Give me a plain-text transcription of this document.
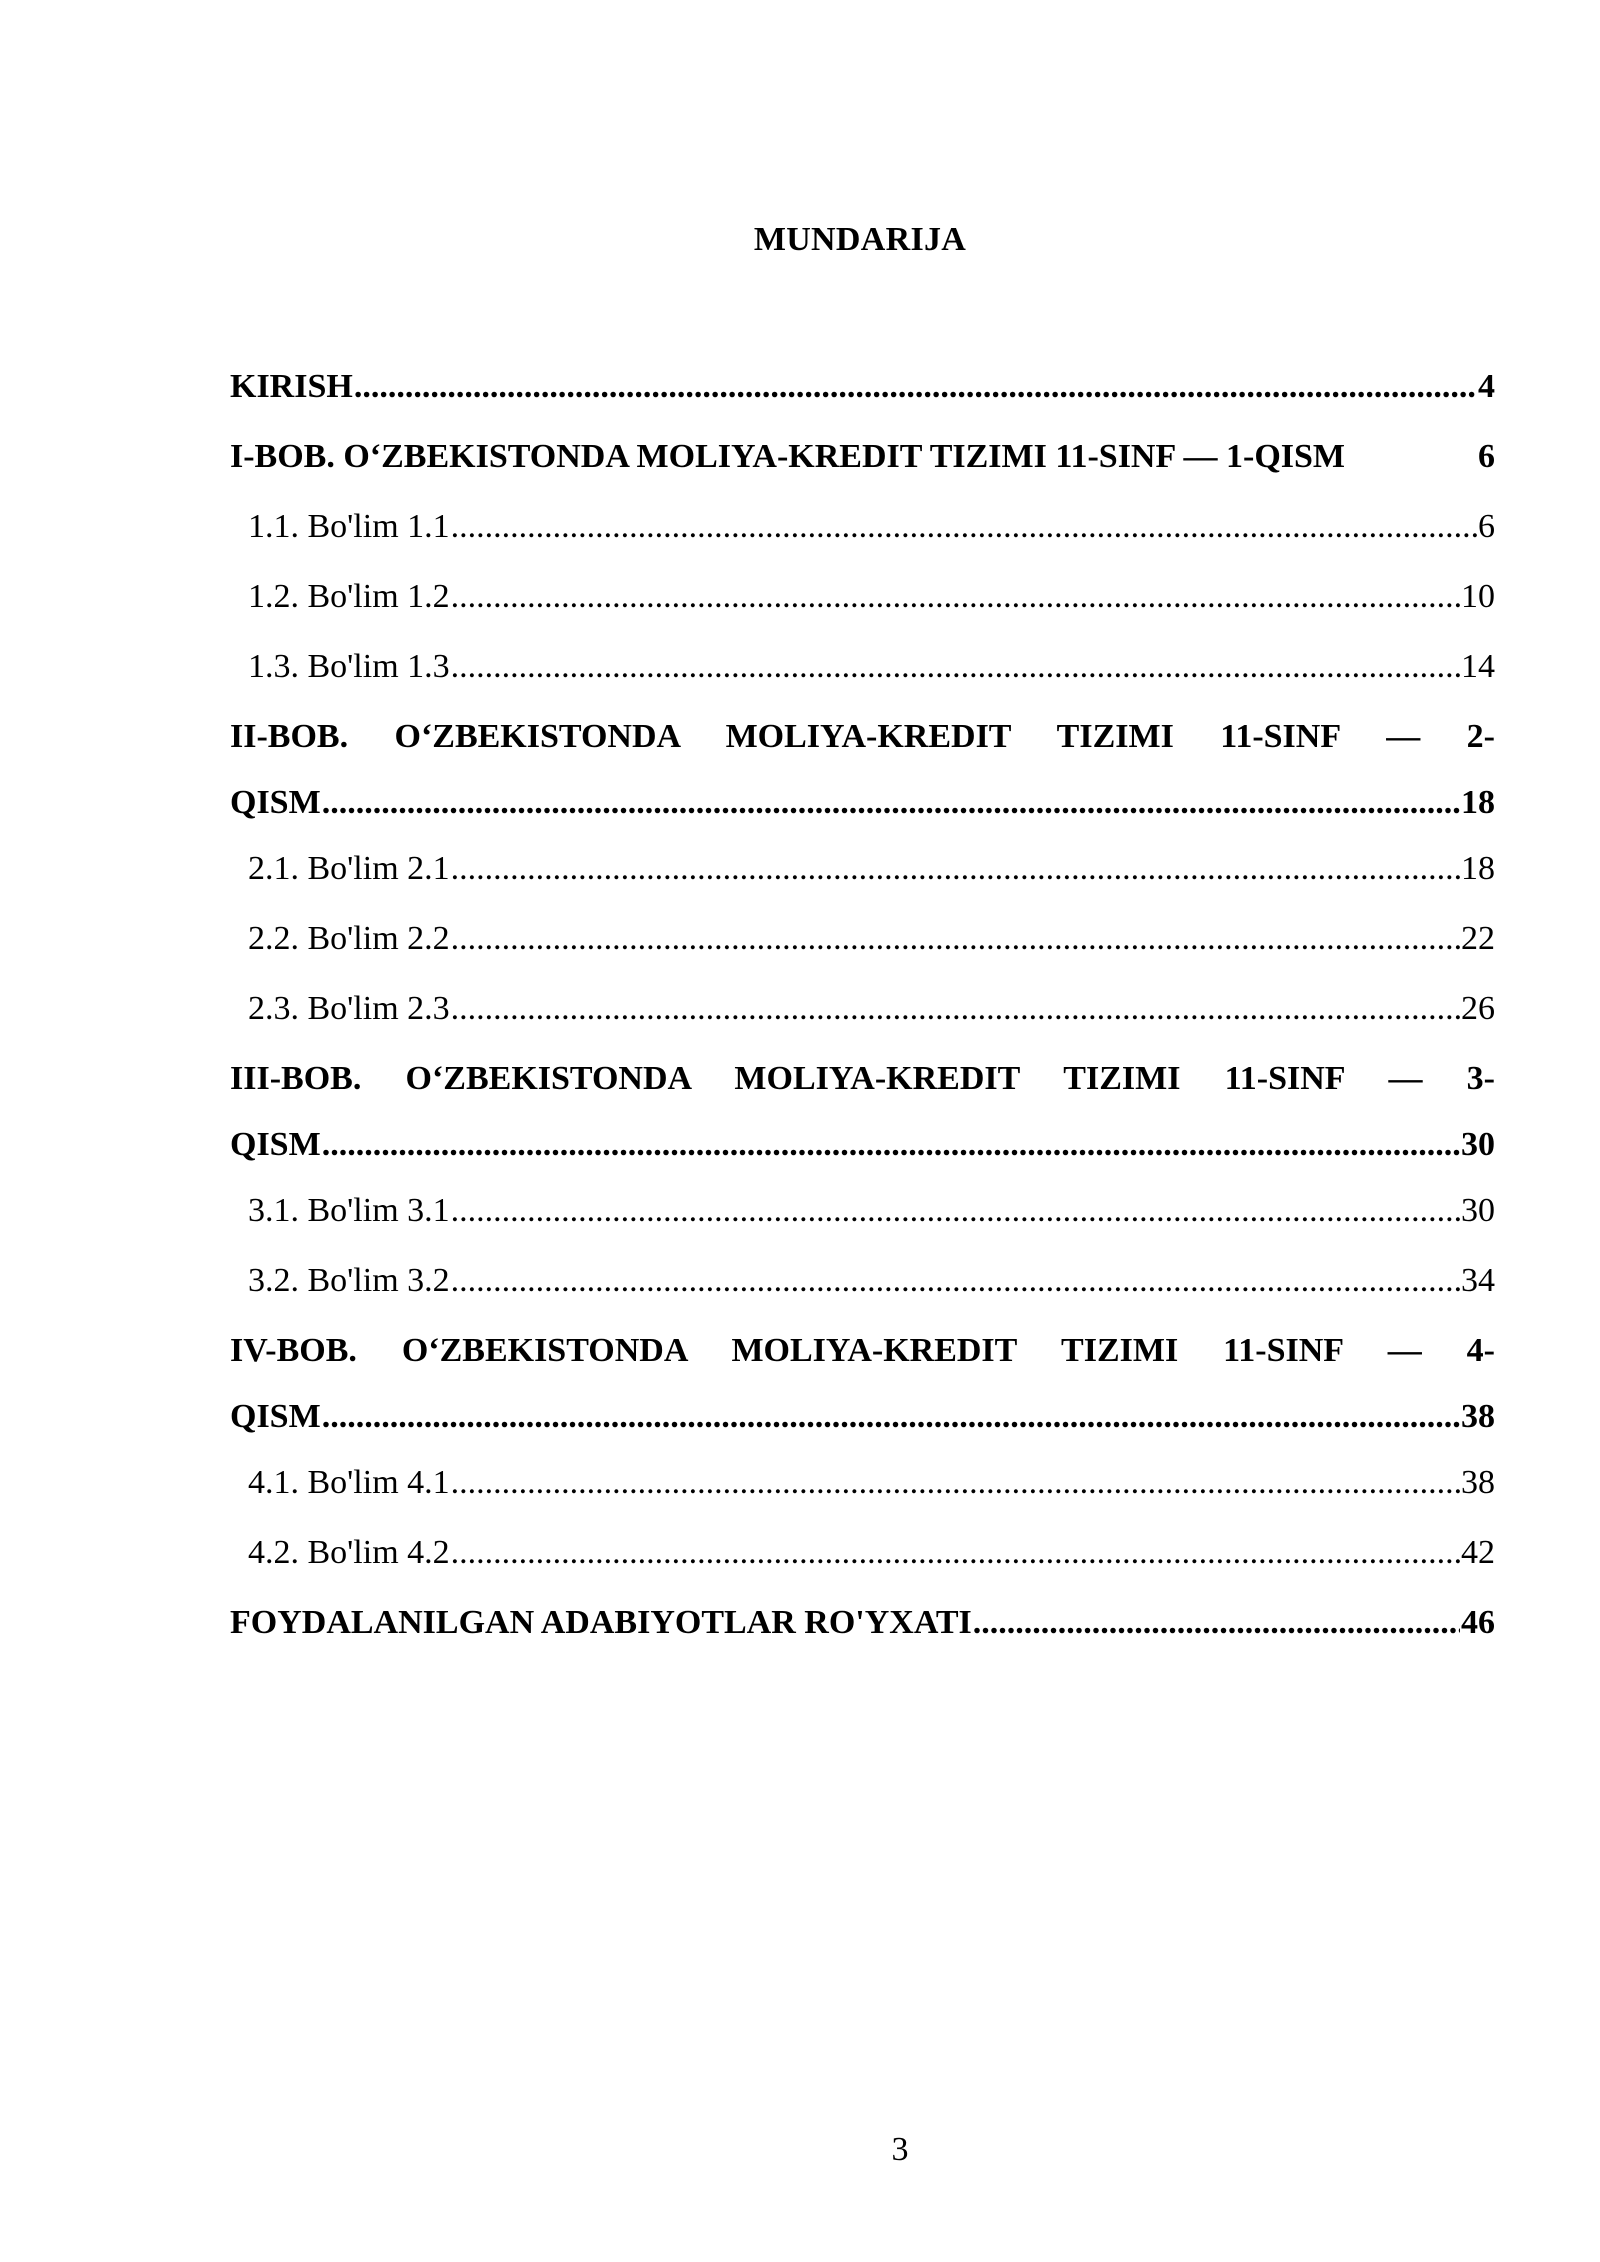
MUNDARIJA
KIRISH .....	4
I-BOB. O‘ZBEKISTONDA MOLIYA-KREDIT TIZIMI 11-SINF — 1-QISM	6
1.1. Bo'lim 1.1 .....	6
1.2. Bo'lim 1.2 .....	10
1.3. Bo'lim 1.3 .....	14
II-BOB. O‘ZBEKISTONDA MOLIYA-KREDIT TIZIMI 11-SINF — 2-
QISM .....	18
2.1. Bo'lim 2.1 .....	18
2.2. Bo'lim 2.2 .....	22
2.3. Bo'lim 2.3 .....	26
III-BOB. O‘ZBEKISTONDA MOLIYA-KREDIT TIZIMI 11-SINF — 3-
QISM .....	30
3.1. Bo'lim 3.1 .....	30
3.2. Bo'lim 3.2 .....	34
IV-BOB. O‘ZBEKISTONDA MOLIYA-KREDIT TIZIMI 11-SINF — 4-
QISM .....	38
4.1. Bo'lim 4.1 .....	38
4.2. Bo'lim 4.2 .....	42
FOYDALANILGAN ADABIYOTLAR RO'YXATI .....	46
3
